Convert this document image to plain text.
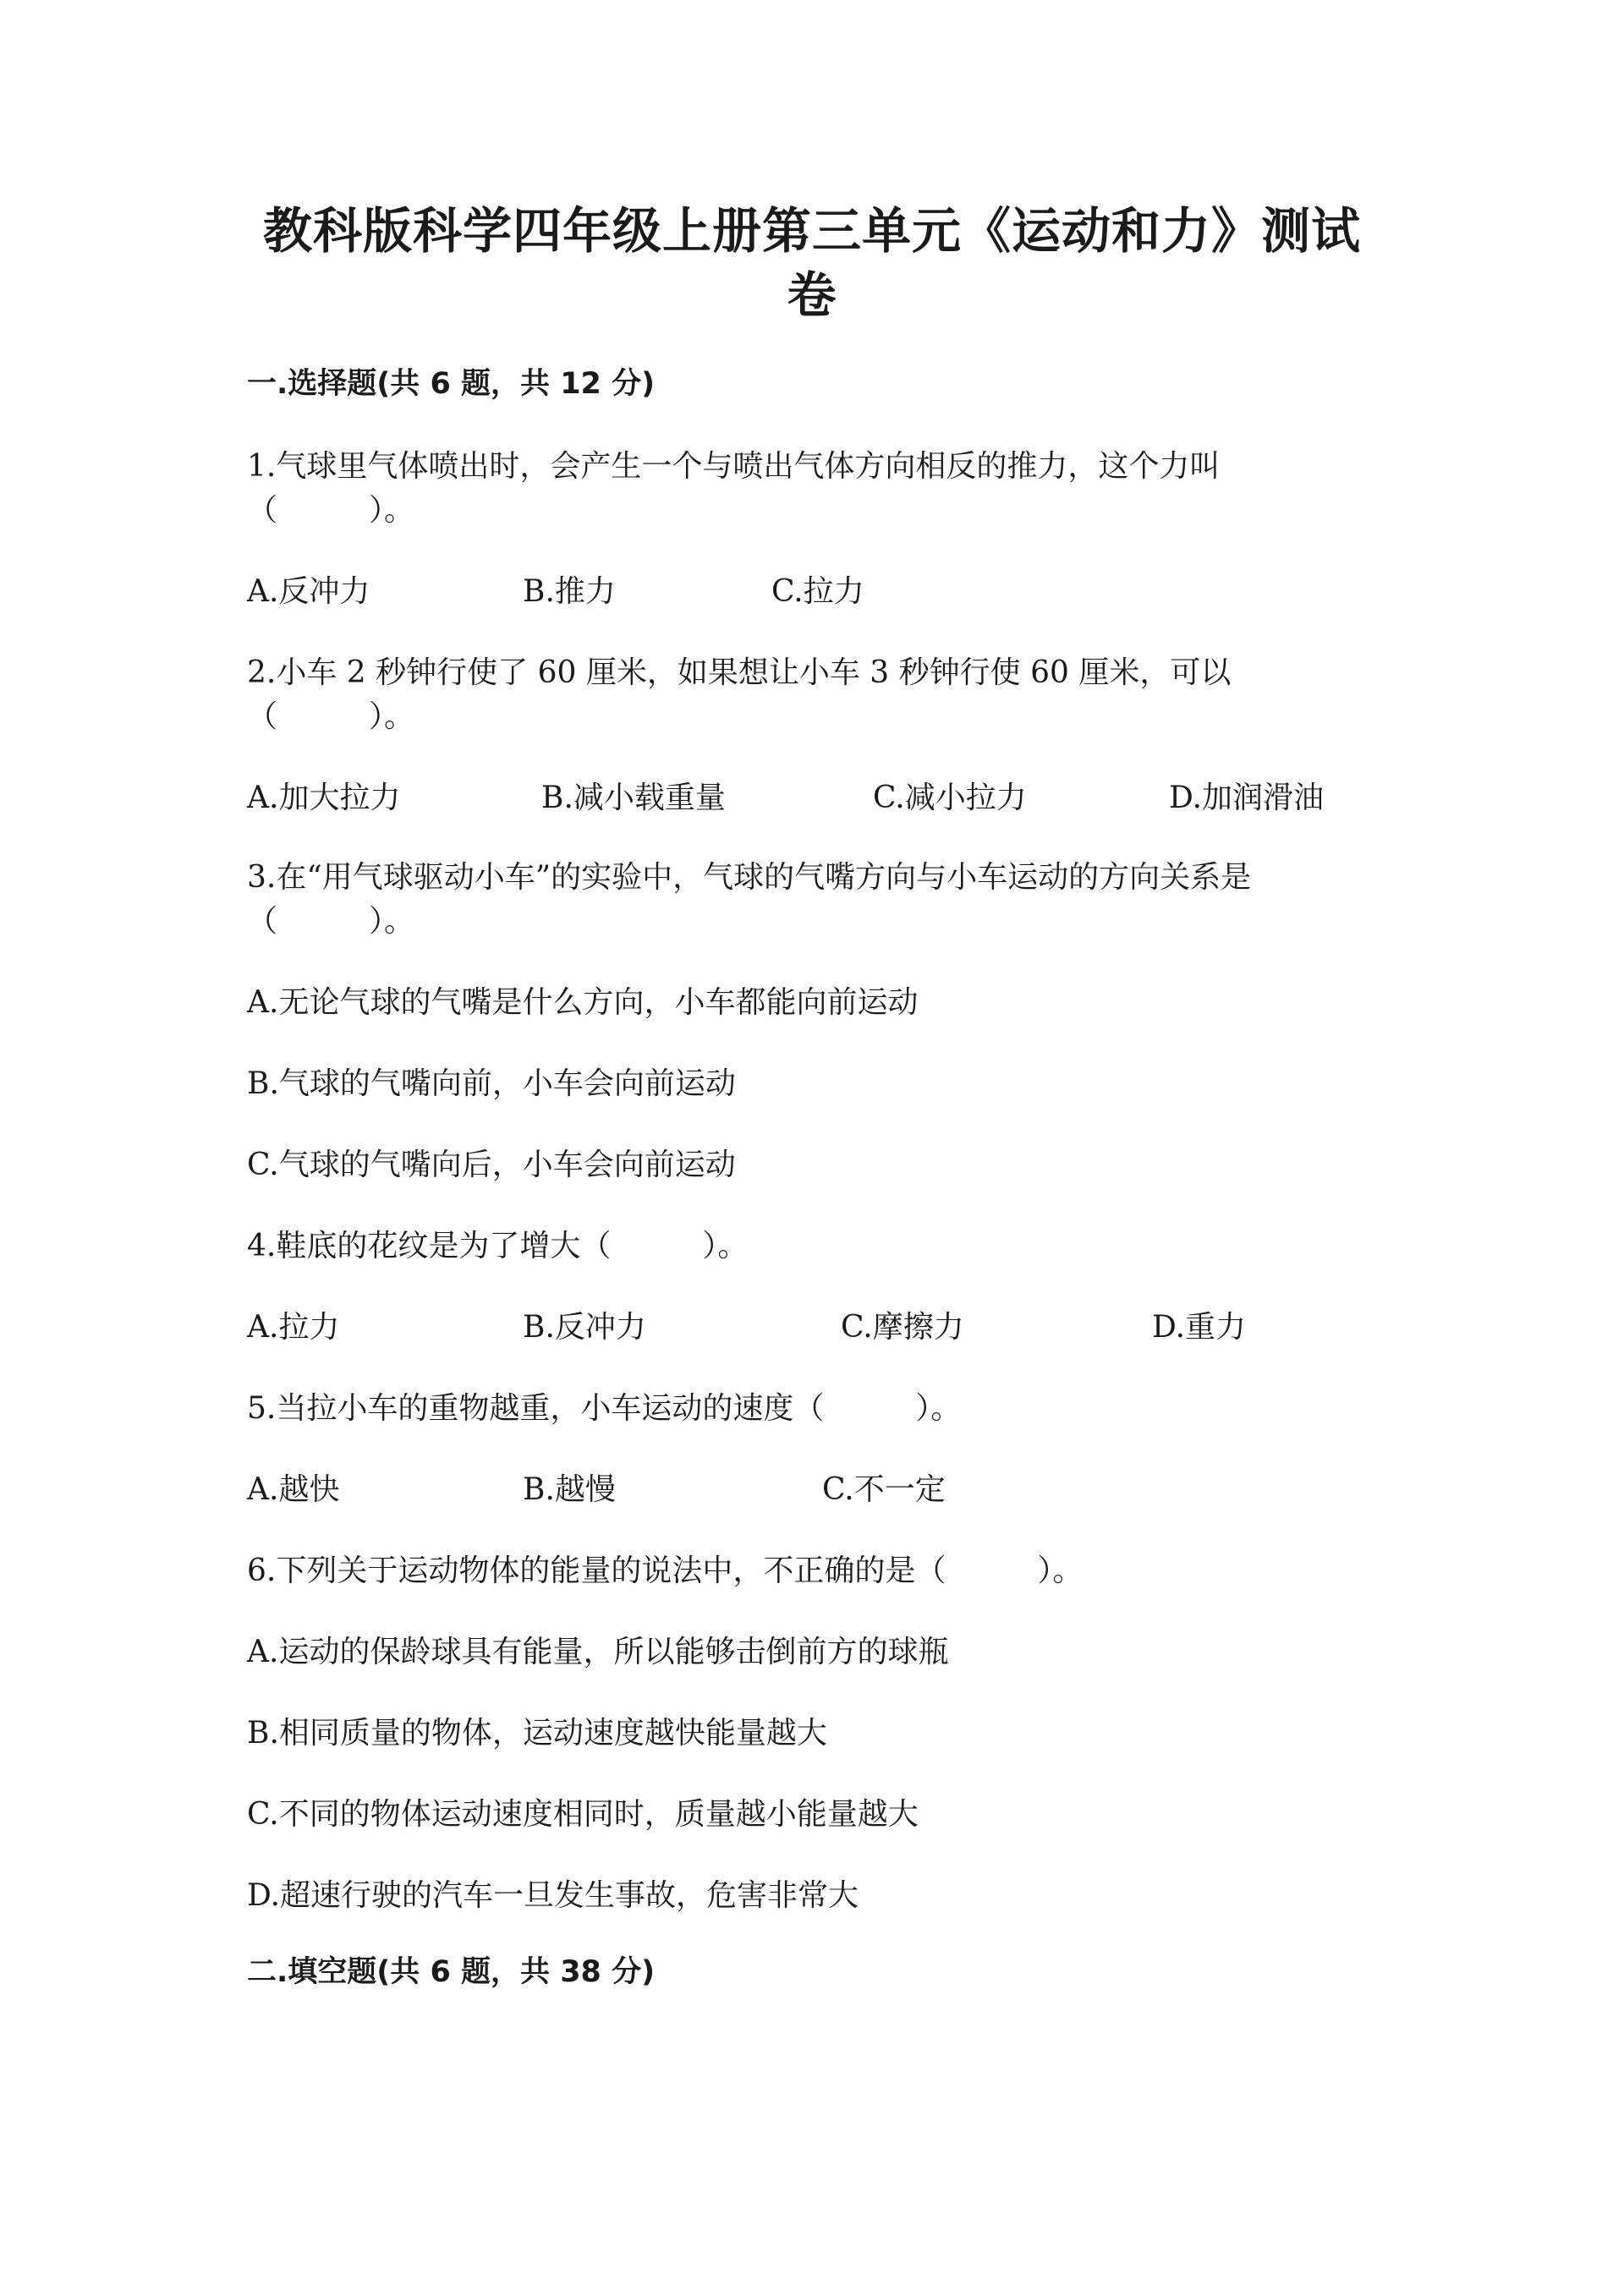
教科版科学四年级上册第三单元《运动和力》测试
卷
一.选择题(共 6 题，共 12 分)
1.气球里气体喷出时，会产生一个与喷出气体方向相反的推力，这个力叫
（　　　）。
A.反冲力	B.推力	C.拉力
2.小车 2 秒钟行使了 60 厘米，如果想让小车 3 秒钟行使 60 厘米，可以
（　　　）。
A.加大拉力	B.减小载重量	C.减小拉力	D.加润滑油
3.在“用气球驱动小车”的实验中，气球的气嘴方向与小车运动的方向关系是
（　　　）。
A.无论气球的气嘴是什么方向，小车都能向前运动
B.气球的气嘴向前，小车会向前运动
C.气球的气嘴向后，小车会向前运动
4.鞋底的花纹是为了增大（　　　）。
A.拉力	B.反冲力	C.摩擦力	D.重力
5.当拉小车的重物越重，小车运动的速度（　　　）。
A.越快	B.越慢	C.不一定
6.下列关于运动物体的能量的说法中，不正确的是（　　　）。
A.运动的保龄球具有能量，所以能够击倒前方的球瓶
B.相同质量的物体，运动速度越快能量越大
C.不同的物体运动速度相同时，质量越小能量越大
D.超速行驶的汽车一旦发生事故，危害非常大
二.填空题(共 6 题，共 38 分)
